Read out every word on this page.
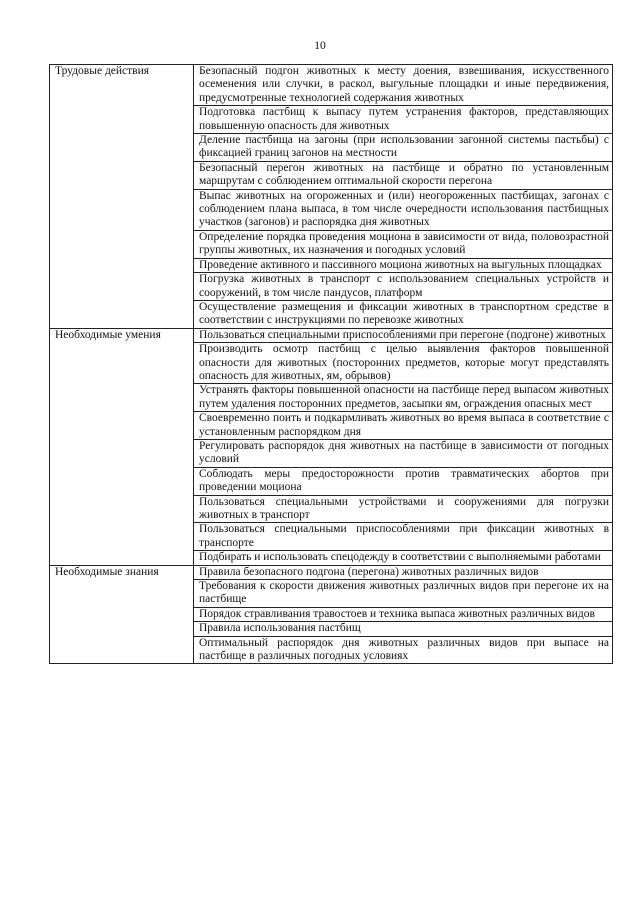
10
Трудовые действия	Безопасный подгон животных к месту доения, взвешивания, искусственного осеменения или случки, в раскол, выгульные площадки и иные передвижения, предусмотренные технологией содержания животных
	Подготовка пастбищ к выпасу путем устранения факторов, представляющих повышенную опасность для животных
	Деление пастбища на загоны (при использовании загонной системы пастьбы) с фиксацией границ загонов на местности
	Безопасный перегон животных на пастбище и обратно по установленным маршрутам с соблюдением оптимальной скорости перегона
	Выпас животных на огороженных и (или) неогороженных пастбищах, загонах с соблюдением плана выпаса, в том числе очередности использования пастбищных участков (загонов) и распорядка дня животных
	Определение порядка проведения моциона в зависимости от вида, половозрастной группы животных, их назначения и погодных условий
	Проведение активного и пассивного моциона животных на выгульных площадках
	Погрузка животных в транспорт с использованием специальных устройств и сооружений, в том числе пандусов, платформ
	Осуществление размещения и фиксации животных в транспортном средстве в соответствии с инструкциями по перевозке животных
Необходимые умения	Пользоваться специальными приспособлениями при перегоне (подгоне) животных
	Производить осмотр пастбищ с целью выявления факторов повышенной опасности для животных (посторонних предметов, которые могут представлять опасность для животных, ям, обрывов)
	Устранять факторы повышенной опасности на пастбище перед выпасом животных путем удаления посторонних предметов, засыпки ям, ограждения опасных мест
	Своевременно поить и подкармливать животных во время выпаса в соответствие с установленным распорядком дня
	Регулировать распорядок дня животных на пастбище в зависимости от погодных условий
	Соблюдать меры предосторожности против травматических абортов при проведении моциона
	Пользоваться специальными устройствами и сооружениями для погрузки животных в транспорт
	Пользоваться специальными приспособлениями при фиксации животных в транспорте
	Подбирать и использовать спецодежду в соответствии с выполняемыми работами
Необходимые знания	Правила безопасного подгона (перегона) животных различных видов
	Требования к скорости движения животных различных видов при перегоне их на пастбище
	Порядок стравливания травостоев и техника выпаса животных различных видов
	Правила использования пастбищ
	Оптимальный распорядок дня животных различных видов при выпасе на пастбище в различных погодных условиях
